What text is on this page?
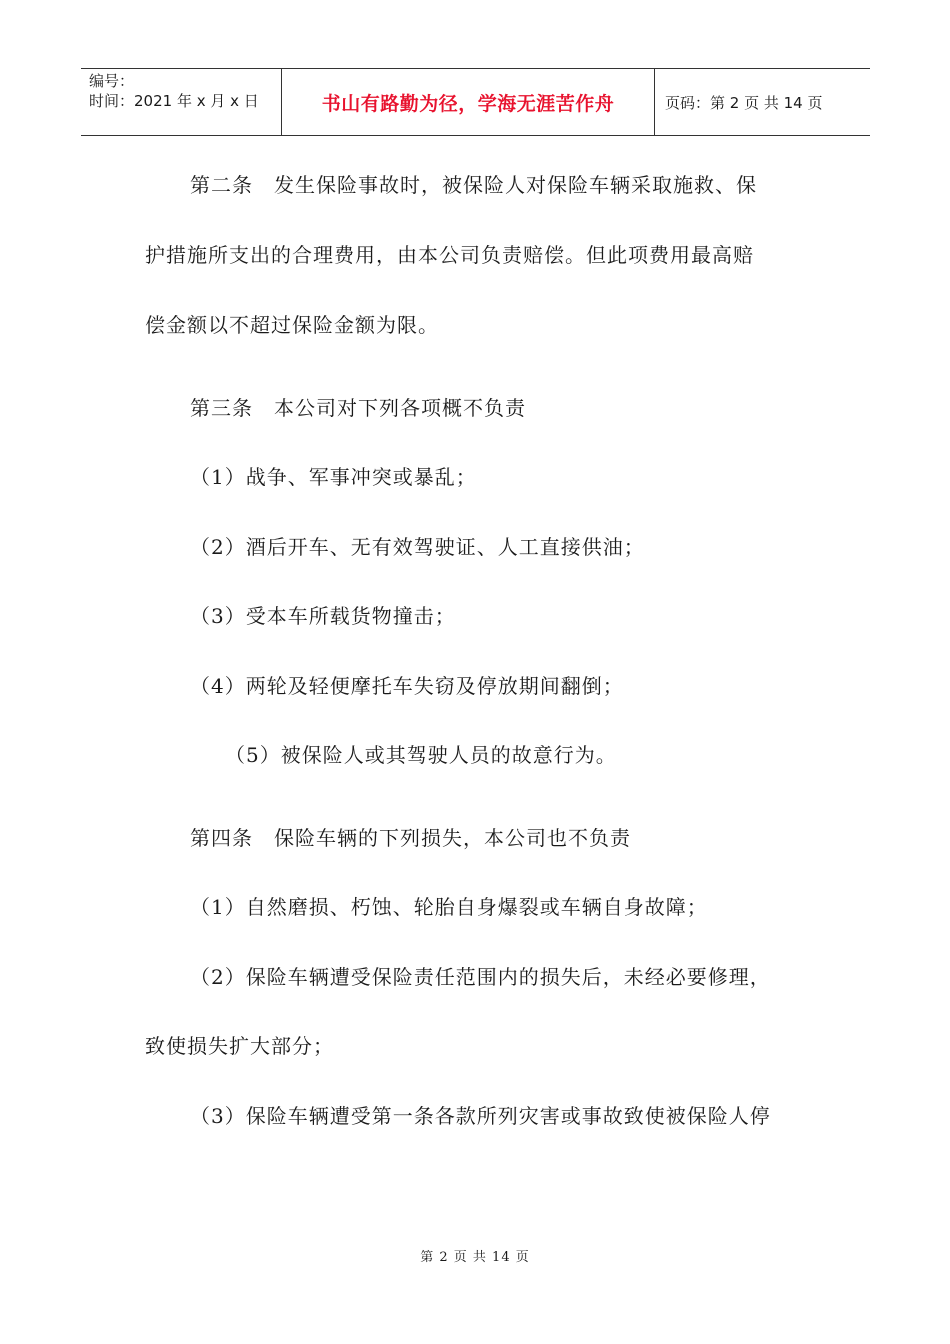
编号：
时间：2021 年 x 月 x 日	书山有路勤为径，学海无涯苦作舟	页码：第 2 页 共 14 页
第二条　发生保险事故时，被保险人对保险车辆采取施救、保
护措施所支出的合理费用，由本公司负责赔偿。但此项费用最高赔
偿金额以不超过保险金额为限。
第三条　本公司对下列各项概不负责
（1）战争、军事冲突或暴乱；
（2）酒后开车、无有效驾驶证、人工直接供油；
（3）受本车所载货物撞击；
（4）两轮及轻便摩托车失窃及停放期间翻倒；
（5）被保险人或其驾驶人员的故意行为。
第四条　保险车辆的下列损失，本公司也不负责
（1）自然磨损、朽蚀、轮胎自身爆裂或车辆自身故障；
（2）保险车辆遭受保险责任范围内的损失后，未经必要修理，
致使损失扩大部分；
（3）保险车辆遭受第一条各款所列灾害或事故致使被保险人停
第 2 页 共 14 页
